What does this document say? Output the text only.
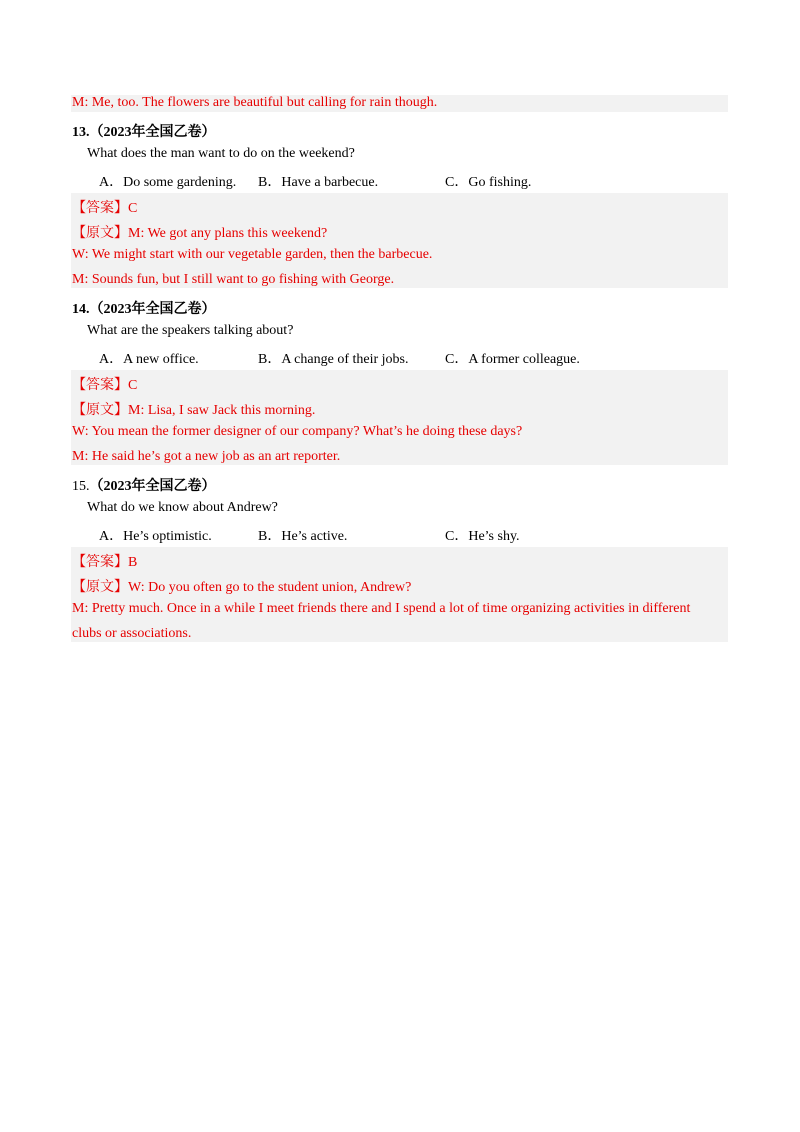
M: Me, too. The flowers are beautiful but calling for rain though.
13.（2023年全国乙卷）
What does the man want to do on the weekend?
A．Do some gardening. B．Have a barbecue.	C．Go fishing.
【答案】C
【原文】M: We got any plans this weekend?
W: We might start with our vegetable garden, then the barbecue.
M: Sounds fun, but I still want to go fishing with George.
14.（2023年全国乙卷）
What are the speakers talking about?
A．A new office.	B．A change of their jobs.	C．A former colleague.
【答案】C
【原文】M: Lisa, I saw Jack this morning.
W: You mean the former designer of our company? What’s he doing these days?
M: He said he’s got a new job as an art reporter.
15.（2023年全国乙卷）
What do we know about Andrew?
A．He’s optimistic.	B．He’s active.	C．He’s shy.
【答案】B
【原文】W: Do you often go to the student union, Andrew?
M: Pretty much. Once in a while I meet friends there and I spend a lot of time organizing activities in different
clubs or associations.
